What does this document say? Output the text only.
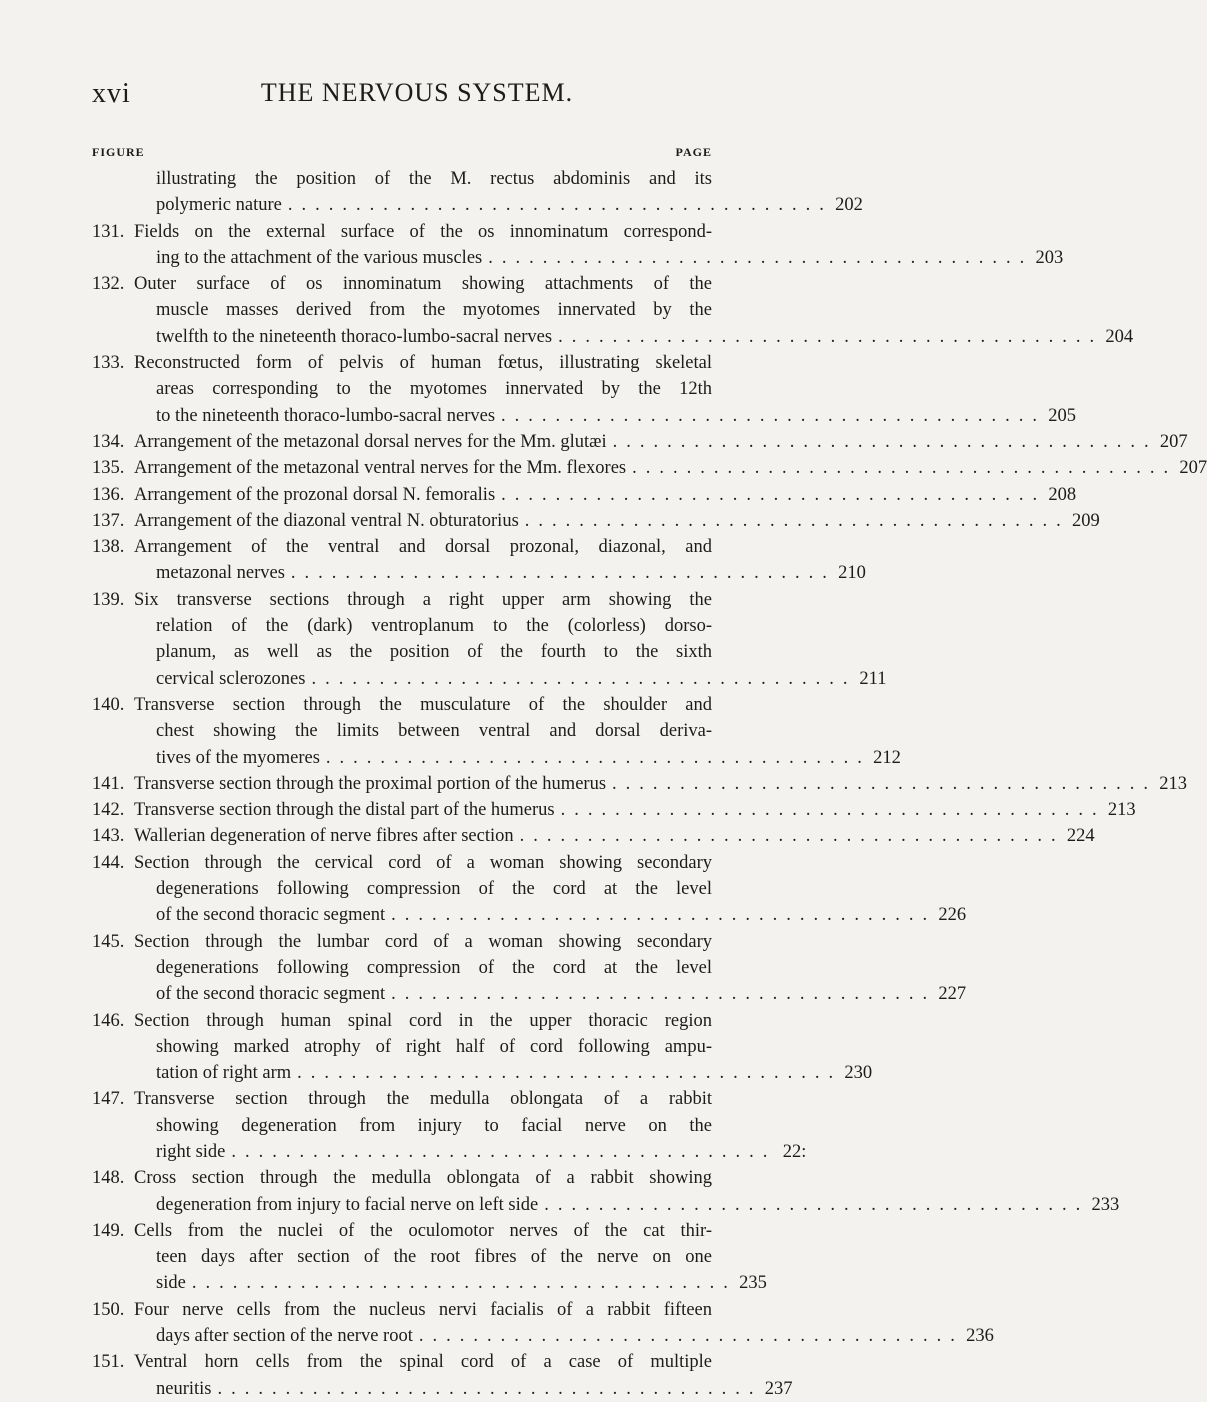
xvi	THE NERVOUS SYSTEM.
FIGURE	PAGE
illustrating the position of the M. rectus abdominis and its
polymeric nature ........................................ 202
131. Fields on the external surface of the os innominatum correspond-
ing to the attachment of the various muscles ........................................ 203
132. Outer surface of os innominatum showing attachments of the
muscle masses derived from the myotomes innervated by the
twelfth to the nineteenth thoraco-lumbo-sacral nerves ........................................ 204
133. Reconstructed form of pelvis of human fœtus, illustrating skeletal
areas corresponding to the myotomes innervated by the 12th
to the nineteenth thoraco-lumbo-sacral nerves ........................................ 205
134. Arrangement of the metazonal dorsal nerves for the Mm. glutæi ........................................ 207
135. Arrangement of the metazonal ventral nerves for the Mm. flexores ........................................ 207
136. Arrangement of the prozonal dorsal N. femoralis ........................................ 208
137. Arrangement of the diazonal ventral N. obturatorius ........................................ 209
138. Arrangement of the ventral and dorsal prozonal, diazonal, and
metazonal nerves ........................................ 210
139. Six transverse sections through a right upper arm showing the
relation of the (dark) ventroplanum to the (colorless) dorso-
planum, as well as the position of the fourth to the sixth
cervical sclerozones ........................................ 211
140. Transverse section through the musculature of the shoulder and
chest showing the limits between ventral and dorsal deriva-
tives of the myomeres ........................................ 212
141. Transverse section through the proximal portion of the humerus ........................................ 213
142. Transverse section through the distal part of the humerus ........................................ 213
143. Wallerian degeneration of nerve fibres after section ........................................ 224
144. Section through the cervical cord of a woman showing secondary
degenerations following compression of the cord at the level
of the second thoracic segment ........................................ 226
145. Section through the lumbar cord of a woman showing secondary
degenerations following compression of the cord at the level
of the second thoracic segment ........................................ 227
146. Section through human spinal cord in the upper thoracic region
showing marked atrophy of right half of cord following ampu-
tation of right arm ........................................ 230
147. Transverse section through the medulla oblongata of a rabbit
showing degeneration from injury to facial nerve on the
right side ........................................ 22:
148. Cross section through the medulla oblongata of a rabbit showing
degeneration from injury to facial nerve on left side ........................................ 233
149. Cells from the nuclei of the oculomotor nerves of the cat thir-
teen days after section of the root fibres of the nerve on one
side ........................................ 235
150. Four nerve cells from the nucleus nervi facialis of a rabbit fifteen
days after section of the nerve root ........................................ 236
151. Ventral horn cells from the spinal cord of a case of multiple
neuritis ........................................ 237
